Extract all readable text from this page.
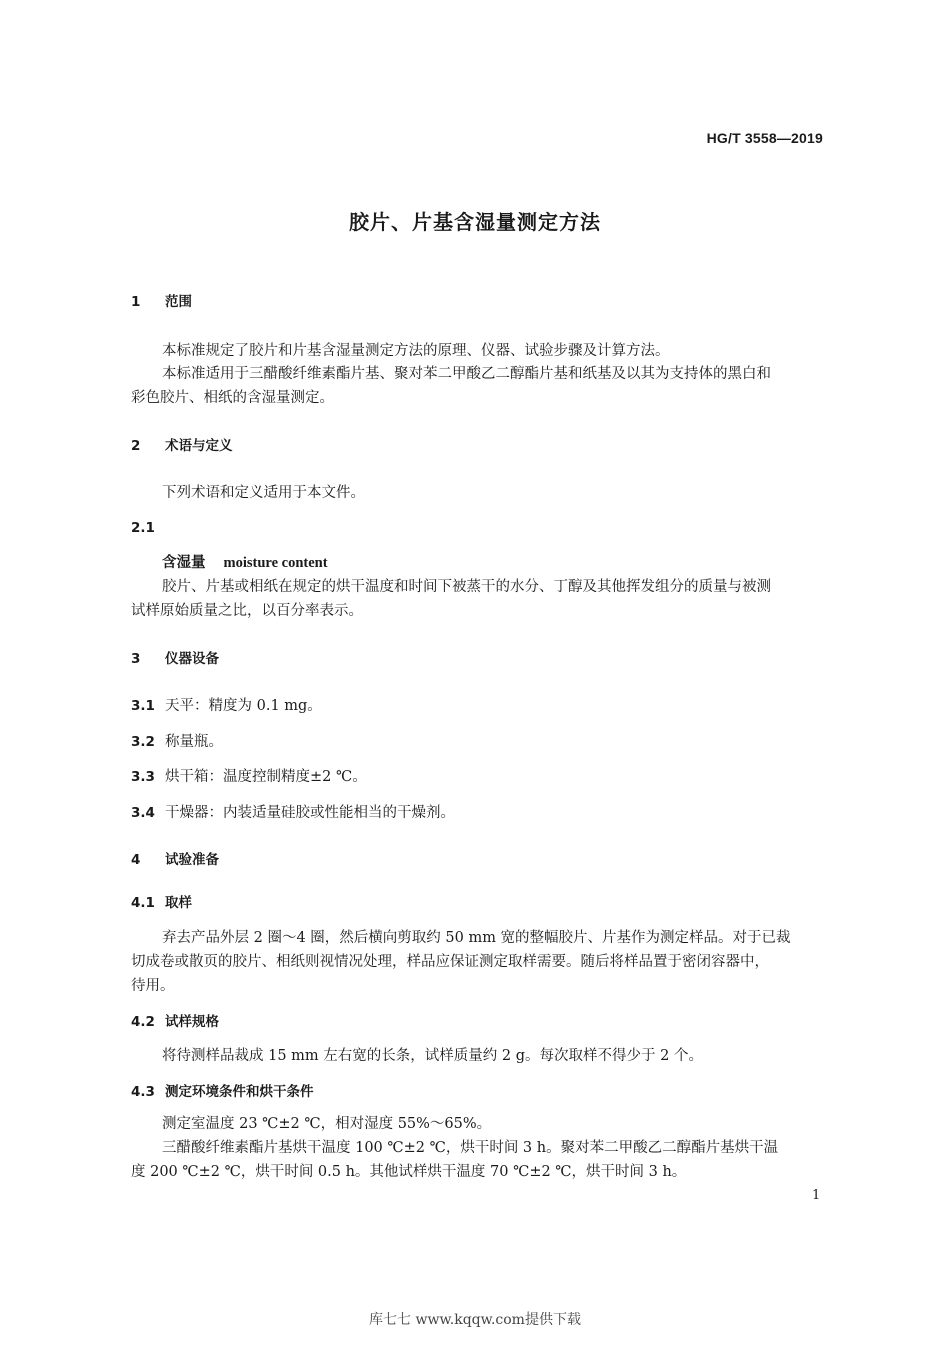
HG/T 3558—2019
胶片、片基含湿量测定方法
1 范围
本标准规定了胶片和片基含湿量测定方法的原理、仪器、试验步骤及计算方法。
本标准适用于三醋酸纤维素酯片基、聚对苯二甲酸乙二醇酯片基和纸基及以其为支持体的黑白和
彩色胶片、相纸的含湿量测定。
2 术语与定义
下列术语和定义适用于本文件。
2.1
含湿量 moisture content
胶片、片基或相纸在规定的烘干温度和时间下被蒸干的水分、丁醇及其他挥发组分的质量与被测
试样原始质量之比，以百分率表示。
3 仪器设备
3.1 天平：精度为 0.1 mg。
3.2 称量瓶。
3.3 烘干箱：温度控制精度±2 ℃。
3.4 干燥器：内装适量硅胶或性能相当的干燥剂。
4 试验准备
4.1 取样
弃去产品外层 2 圈～4 圈，然后横向剪取约 50 mm 宽的整幅胶片、片基作为测定样品。对于已裁
切成卷或散页的胶片、相纸则视情况处理，样品应保证测定取样需要。随后将样品置于密闭容器中，
待用。
4.2 试样规格
将待测样品裁成 15 mm 左右宽的长条，试样质量约 2 g。每次取样不得少于 2 个。
4.3 测定环境条件和烘干条件
测定室温度 23 ℃±2 ℃，相对湿度 55%～65%。
三醋酸纤维素酯片基烘干温度 100 ℃±2 ℃，烘干时间 3 h。聚对苯二甲酸乙二醇酯片基烘干温
度 200 ℃±2 ℃，烘干时间 0.5 h。其他试样烘干温度 70 ℃±2 ℃，烘干时间 3 h。
1
库七七 www.kqqw.com提供下载
